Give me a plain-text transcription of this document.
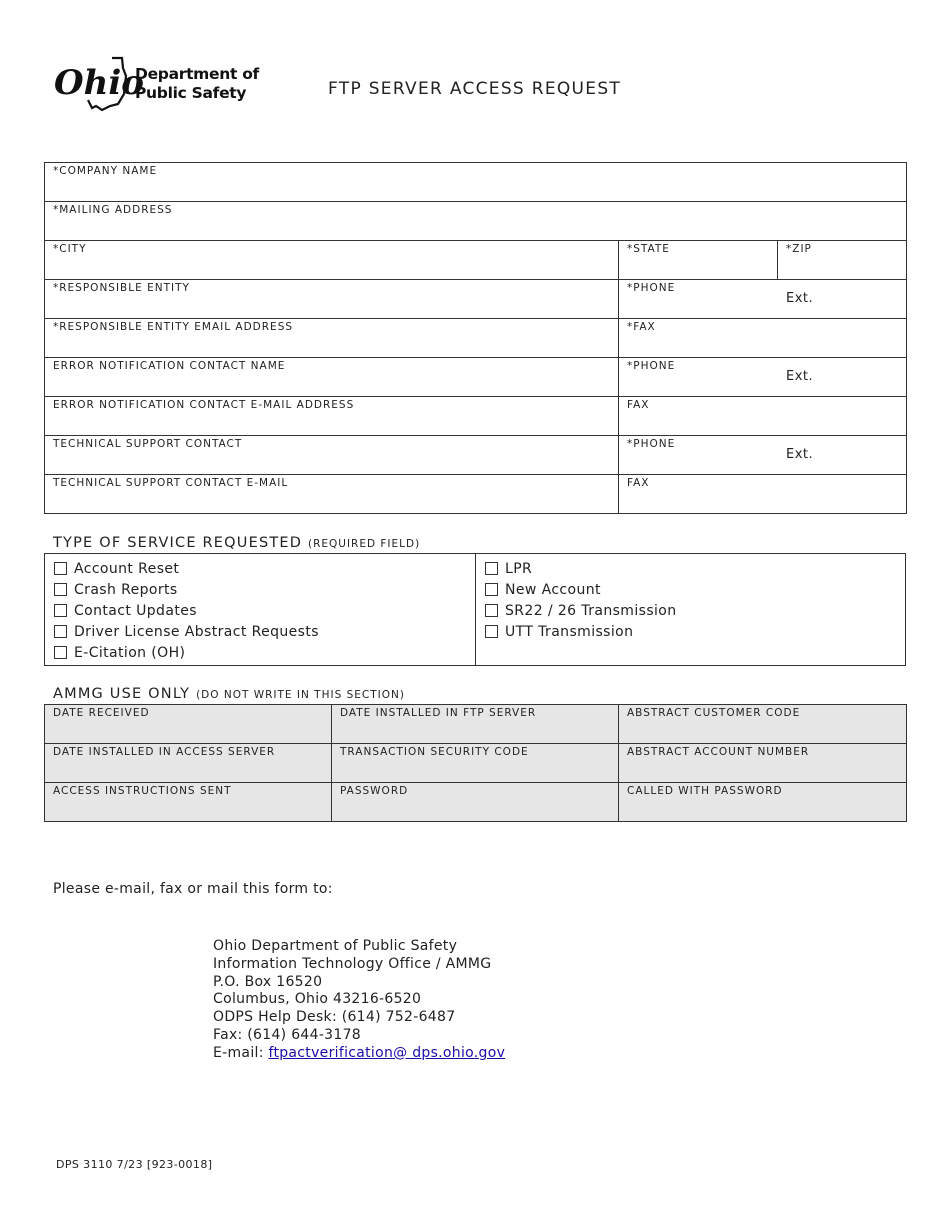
Ohio
Department of
Public Safety	FTP SERVER ACCESS REQUEST
*COMPANY NAME		

*MAILING ADDRESS		

*CITY	*STATE	*ZIP

*RESPONSIBLE ENTITY	*PHONE
Ext.	

*RESPONSIBLE ENTITY EMAIL ADDRESS	*FAX	

ERROR NOTIFICATION CONTACT NAME	*PHONE
Ext.	

ERROR NOTIFICATION CONTACT E-MAIL ADDRESS	FAX	

TECHNICAL SUPPORT CONTACT	*PHONE
Ext.	

TECHNICAL SUPPORT CONTACT E-MAIL	FAX	
TYPE OF SERVICE REQUESTED (REQUIRED FIELD)
Account Reset
Crash Reports
Contact Updates
Driver License Abstract Requests
E-Citation (OH)
LPR
New Account
SR22 / 26 Transmission
UTT Transmission
AMMG USE ONLY (DO NOT WRITE IN THIS SECTION)
DATE RECEIVED	DATE INSTALLED IN FTP SERVER	ABSTRACT CUSTOMER CODE

DATE INSTALLED IN ACCESS SERVER	TRANSACTION SECURITY CODE	ABSTRACT ACCOUNT NUMBER

ACCESS INSTRUCTIONS SENT	PASSWORD	CALLED WITH PASSWORD
Please e-mail, fax or mail this form to:
Ohio Department of Public Safety
Information Technology Office / AMMG
P.O. Box 16520
Columbus, Ohio 43216-6520
ODPS Help Desk: (614) 752-6487
Fax: (614) 644-3178
E-mail: ftpactverification@ dps.ohio.gov
DPS 3110 7/23 [923-0018]
